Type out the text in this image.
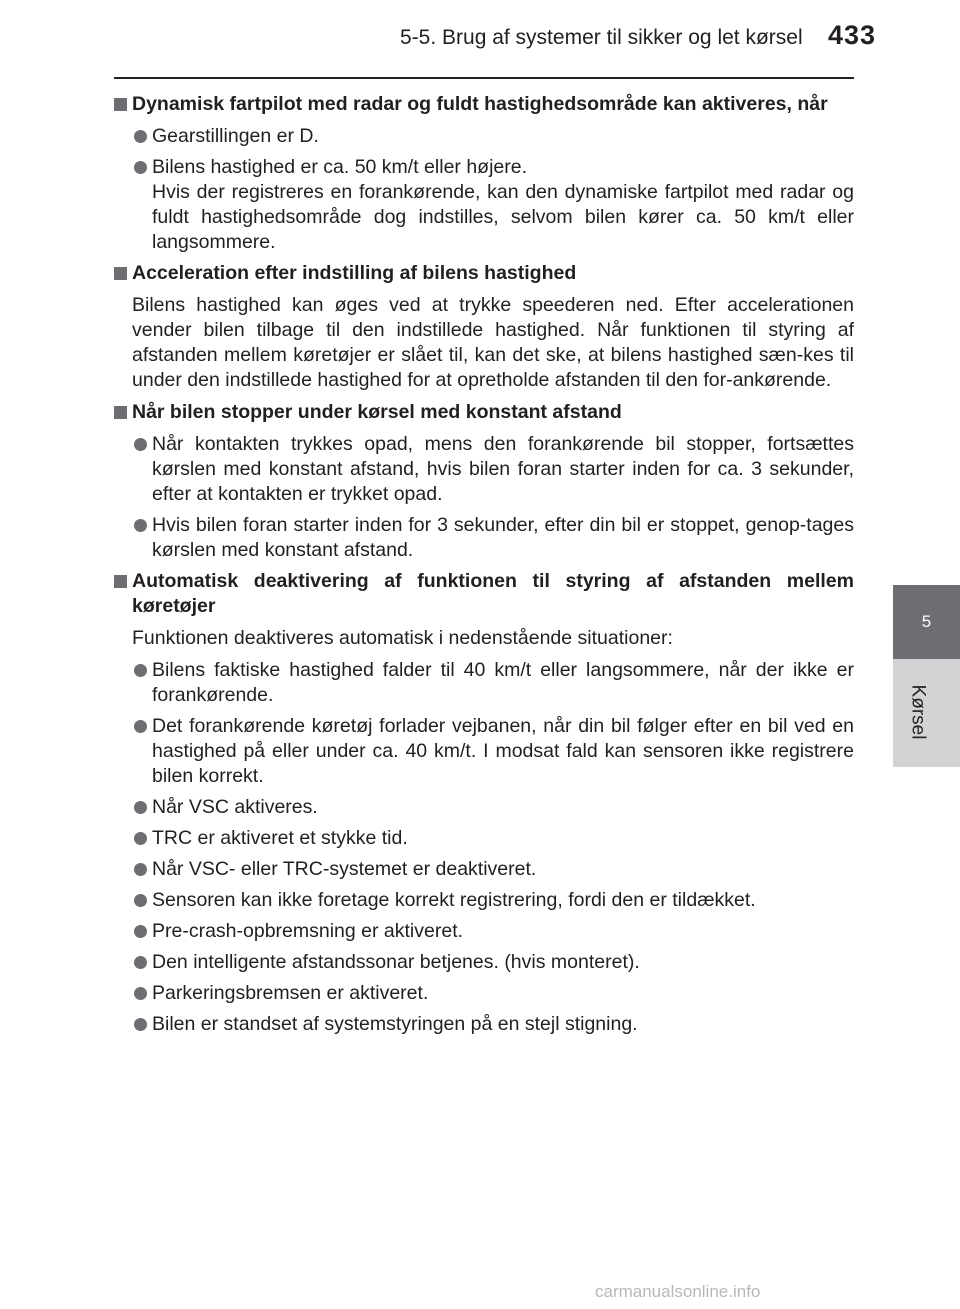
5-5. Brug af systemer til sikker og let kørsel 433
5
Kørsel
Dynamisk fartpilot med radar og fuldt hastighedsområde kan aktiveres, når
Gearstillingen er D.
Bilens hastighed er ca. 50 km/t eller højere.
Hvis der registreres en forankørende, kan den dynamiske fartpilot med radar og fuldt hastighedsområde dog indstilles, selvom bilen kører ca. 50 km/t eller langsommere.
Acceleration efter indstilling af bilens hastighed
Bilens hastighed kan øges ved at trykke speederen ned. Efter accelerationen vender bilen tilbage til den indstillede hastighed. Når funktionen til styring af afstanden mellem køretøjer er slået til, kan det ske, at bilens hastighed sæn-kes til under den indstillede hastighed for at opretholde afstanden til den for-ankørende.
Når bilen stopper under kørsel med konstant afstand
Når kontakten trykkes opad, mens den forankørende bil stopper, fortsættes kørslen med konstant afstand, hvis bilen foran starter inden for ca. 3 sekunder, efter at kontakten er trykket opad.
Hvis bilen foran starter inden for 3 sekunder, efter din bil er stoppet, genop-tages kørslen med konstant afstand.
Automatisk deaktivering af funktionen til styring af afstanden mellem køretøjer
Funktionen deaktiveres automatisk i nedenstående situationer:
Bilens faktiske hastighed falder til 40 km/t eller langsommere, når der ikke er forankørende.
Det forankørende køretøj forlader vejbanen, når din bil følger efter en bil ved en hastighed på eller under ca. 40 km/t. I modsat fald kan sensoren ikke registrere bilen korrekt.
Når VSC aktiveres.
TRC er aktiveret et stykke tid.
Når VSC- eller TRC-systemet er deaktiveret.
Sensoren kan ikke foretage korrekt registrering, fordi den er tildækket.
Pre-crash-opbremsning er aktiveret.
Den intelligente afstandssonar betjenes. (hvis monteret).
Parkeringsbremsen er aktiveret.
Bilen er standset af systemstyringen på en stejl stigning.
carmanualsonline.info
